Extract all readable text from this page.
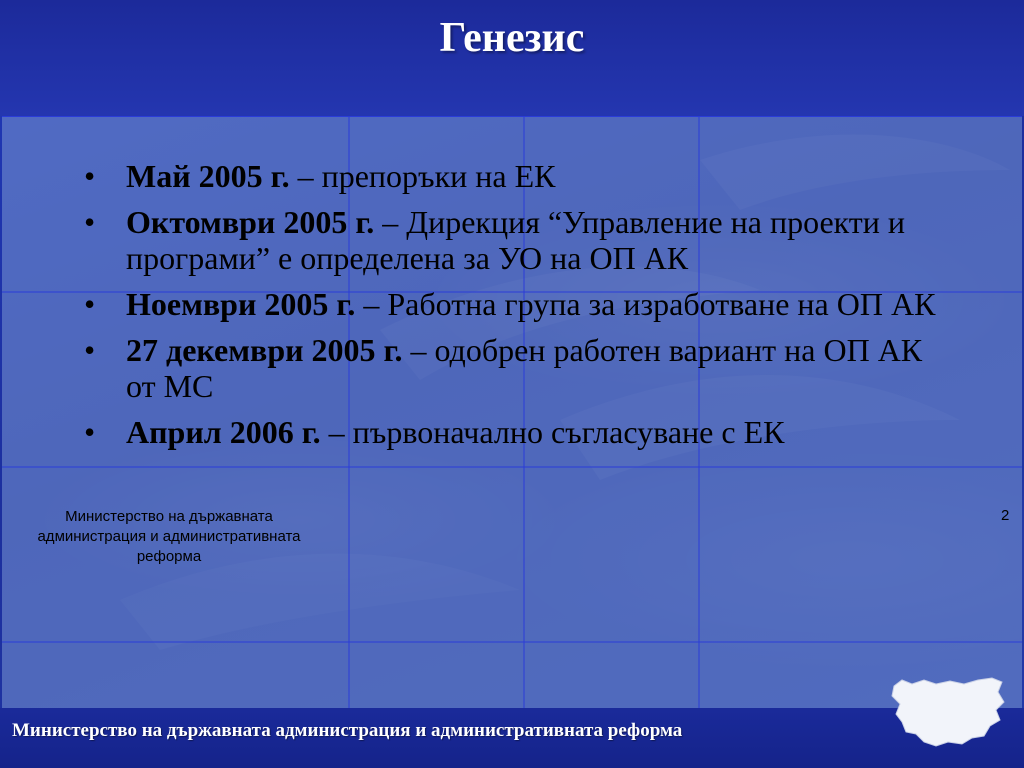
Генезис
• Май 2005 г. – препоръки на ЕК
• Октомври 2005 г. – Дирекция “Управление на проекти и програми” е определена за УО на ОП АК
• Ноември 2005 г. – Работна група за изработване на ОП АК
• 27 декември 2005 г. – одобрен работен вариант на ОП АК от МС
• Април 2006 г. – първоначално съгласуване с ЕК
Министерство на държавната администрация и административната реформа
2
Министерство на държавната администрация и административната реформа
